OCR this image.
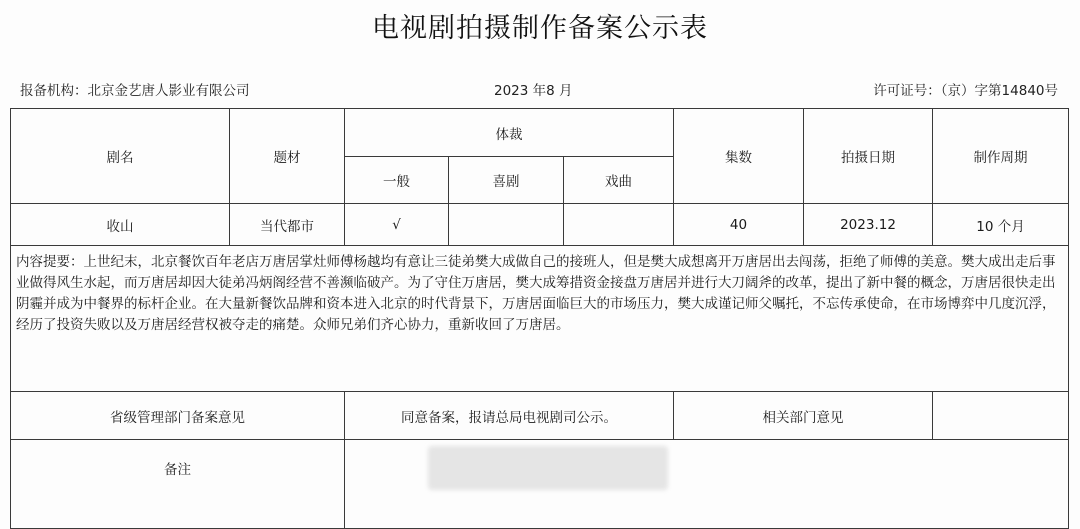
电视剧拍摄制作备案公示表
报备机构：北京金艺唐人影业有限公司	2023 年8 月	许可证号：（京）字第14840号
剧名	题材	体裁			集数	拍摄日期	制作周期
		一般	喜剧	戏曲			
收山	当代都市	√			40	2023.12	10 个月
内容提要：上世纪末，北京餐饮百年老店万唐居掌灶师傅杨越均有意让三徒弟樊大成做自己的接班人，但是樊大成想离开万唐居出去闯荡，拒绝了师傅的美意。樊大成出走后事业做得风生水起，而万唐居却因大徒弟冯炳阁经营不善濒临破产。为了守住万唐居，樊大成筹措资金接盘万唐居并进行大刀阔斧的改革，提出了新中餐的概念，万唐居很快走出阴霾并成为中餐界的标杆企业。在大量新餐饮品牌和资本进入北京的时代背景下，万唐居面临巨大的市场压力，樊大成谨记师父嘱托，不忘传承使命，在市场博弈中几度沉浮，经历了投资失败以及万唐居经营权被夺走的痛楚。众师兄弟们齐心协力，重新收回了万唐居。							
省级管理部门备案意见		同意备案，报请总局电视剧司公示。			相关部门意见		
备注							
